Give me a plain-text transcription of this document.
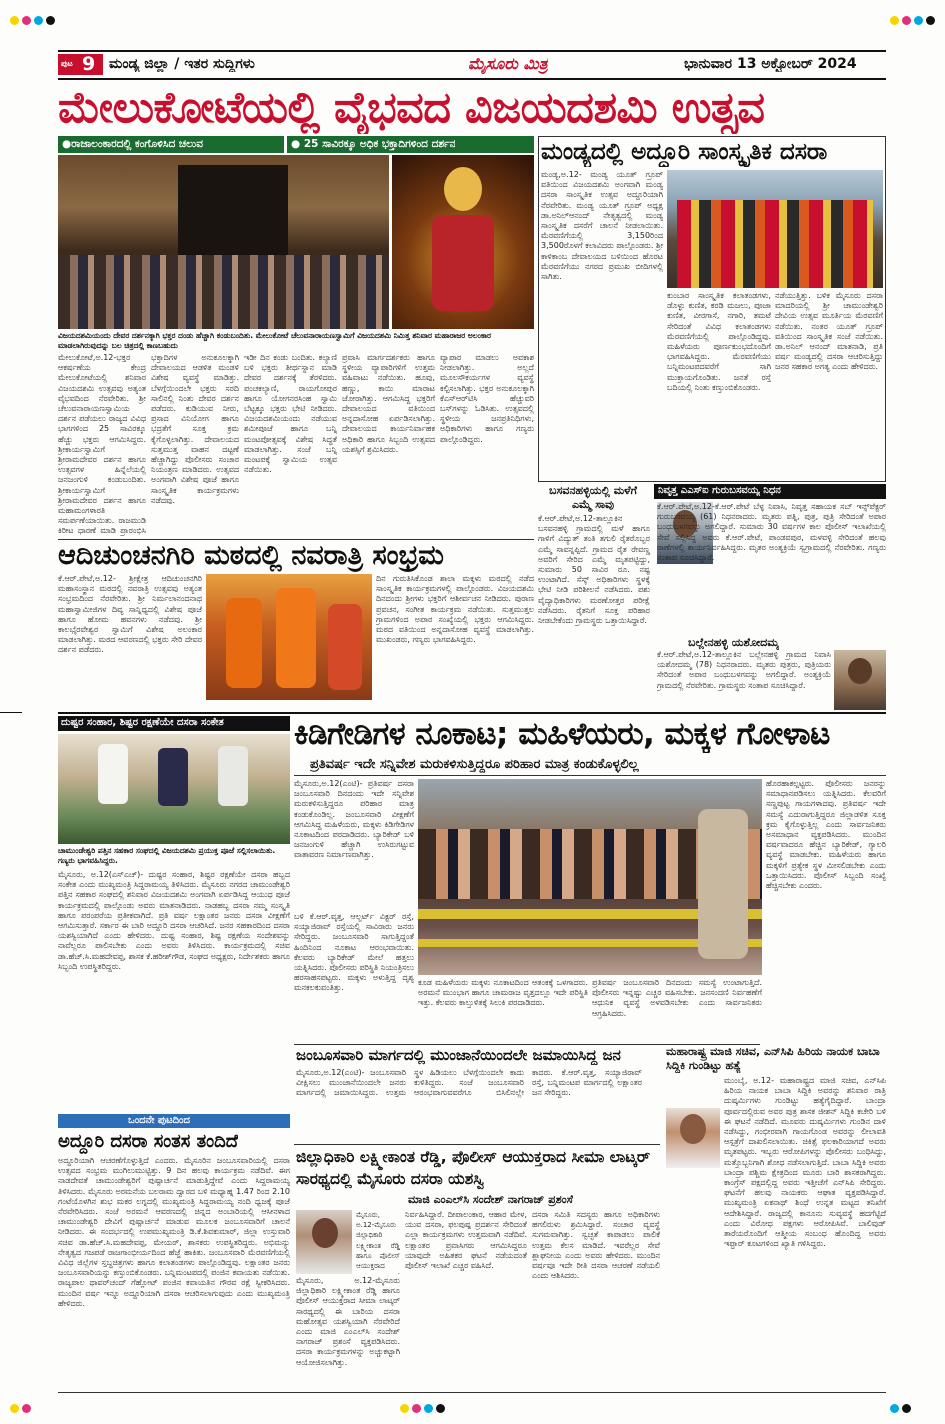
ಪುಟ 9 ಮಂಡ್ಯ ಜಿಲ್ಲಾ / ಇತರ ಸುದ್ದಿಗಳು	ಮೈಸೂರು ಮಿತ್ರ	ಭಾನುವಾರ 13 ಅಕ್ಟೋಬರ್ 2024
ಮೇಲುಕೋಟೆಯಲ್ಲಿ ವೈಭವದ ವಿಜಯದಶಮಿ ಉತ್ಸವ
●ರಾಜಾಲಂಕಾರದಲ್ಲಿ ಕಂಗೊಳಿಸಿದ ಚಲುವ	● 25 ಸಾವಿರಕ್ಕೂ ಅಧಿಕ ಭಕ್ತಾದಿಗಳಿಂದ ದರ್ಶನ
ವಿಜಯದಶಮಿಯಂದು ದೇವರ ದರ್ಶನಕ್ಕಾಗಿ ಭಕ್ತರ ದಂಡು ಹೆಚ್ಚಾಗಿ ಕಂಡುಬಂದಿತು. ಮೇಲುಕೋಟೆ ಚೆಲುವನಾರಾಯಣಸ್ವಾಮಿಗೆ ವಿಜಯದಶಮಿ ನಿಮಿತ್ತ ಶನಿವಾರ ಮಹಾರಾಜರ ಅಲಂಕಾರ ಮಾಡಲಾಗಿರುವುದನ್ನು ಬಲ ಚಿತ್ರದಲ್ಲಿ ಕಾಣಬಹುದು
ಮೇಲುಕೋಟೆ,ಅ.12-ಭಕ್ತರ ಆಕರ್ಷಣೆಯ ಕೇಂದ್ರ ಮೇಲುಕೋಟೆಯಲ್ಲಿ ಶನಿವಾರ ವಿಜಯದಶಮಿ ಉತ್ಸವವು ಅತ್ಯಂತ ವೈಭವದಿಂದ ನೆರವೇರಿತು. ಶ್ರೀ ಚೆಲುವನಾರಾಯಣಸ್ವಾಮಿಯ ದರ್ಶನ ಪಡೆಯಲು ರಾಜ್ಯದ ವಿವಿಧ ಭಾಗಗಳಿಂದ 25 ಸಾವಿರಕ್ಕೂ ಹೆಚ್ಚು ಭಕ್ತರು ಆಗಮಿಸಿದ್ದರು. ಶ್ರೀಕಾರ್ಯಸ್ವಾಮಿಗೆ ಶ್ರೀರಾಮದೇವರ ದರ್ಶನ ಹಾಗೂ ಉತ್ಸವಗಳ ಹಿನ್ನೆಲೆಯಲ್ಲಿ ಜನಜಂಗುಳಿ ಕಂಡುಬಂದಿತು. ಶ್ರೀಕಾರ್ಯಸ್ವಾಮಿಗೆ ಶ್ರೀರಾಮದೇವರ ದರ್ಶನ ಹಾಗೂ ಮಹಾಮಂಗಳಾರತಿ ಸಮರ್ಪಣೆಯಾಯಿತು. ರಾಜಮುಡಿ ಕಿರೀಟ ಧಾರಣೆ ಮಾಡಿ ಪ್ರಾರಂಭಿಸಿ
ಭಕ್ತಾದಿಗಳ ಅನುಕೂಲಕ್ಕಾಗಿ ದೇವಾಲಯದ ಆಡಳಿತ ಮಂಡಳಿ ವಿಶೇಷ ವ್ಯವಸ್ಥೆ ಮಾಡಿತ್ತು. ಬೆಳಗ್ಗೆಯಿಂದಲೇ ಭಕ್ತರು ಸರದಿ ಸಾಲಿನಲ್ಲಿ ನಿಂತು ದೇವರ ದರ್ಶನ ಪಡೆದರು. ಕುಡಿಯುವ ನೀರು, ಪ್ರಸಾದ ವಿನಿಯೋಗ ಹಾಗೂ ಭದ್ರತೆಗೆ ಸೂಕ್ತ ಕ್ರಮ ಕೈಗೊಳ್ಳಲಾಗಿತ್ತು. ದೇವಾಲಯದ ಸುತ್ತಮುತ್ತ ವಾಹನ ದಟ್ಟಣೆ ಹೆಚ್ಚಾಗಿದ್ದು ಪೊಲೀಸರು ಸಂಚಾರ ನಿಯಂತ್ರಣ ಮಾಡಿದರು. ಉತ್ಸವದ ಅಂಗವಾಗಿ ವಿಶೇಷ ಪೂಜೆ ಹಾಗೂ ಸಾಂಸ್ಕೃತಿಕ ಕಾರ್ಯಕ್ರಮಗಳು ನಡೆದವು.
ಇಡೀ ದಿನ ಕಂಡು ಬಂದಿತು. ಕಲ್ಯಾಣಿ ಬಳಿ ಭಕ್ತರು ತೀರ್ಥಸ್ನಾನ ಮಾಡಿ ದೇವರ ದರ್ಶನಕ್ಕೆ ತೆರಳಿದರು. ಪಂಚಕಲ್ಯಾಣಿ, ರಾಯಗೋಪುರ ಹಾಗೂ ಯೋಗನರಸಿಂಹ ಸ್ವಾಮಿ ಬೆಟ್ಟಕ್ಕೂ ಭಕ್ತರು ಭೇಟಿ ನೀಡಿದರು. ವಿಜಯದಶಮಿಯಂದು ನಡೆಯುವ ಶಮೀಪೂಜೆ ಹಾಗೂ ಬನ್ನಿ ಮಂಟಪೋತ್ಸವಕ್ಕೆ ವಿಶೇಷ ಸಿದ್ಧತೆ ಮಾಡಲಾಗಿತ್ತು. ಸಂಜೆ ಬನ್ನಿ ಮಂಟಪಕ್ಕೆ ಸ್ವಾಮಿಯ ಉತ್ಸವ ನಡೆಯಿತು.
ಪ್ರವಾಸಿ ಮಾರ್ಗದರ್ಶಕರು ಹಾಗೂ ಸ್ಥಳೀಯ ವ್ಯಾಪಾರಿಗಳಿಗೆ ಉತ್ತಮ ವಹಿವಾಟು ನಡೆಯಿತು. ಹೂವು, ಹಣ್ಣು, ಕಾಯಿ ಮಾರಾಟ ಜೋರಾಗಿತ್ತು. ಆಗಮಿಸಿದ್ದ ಭಕ್ತರಿಗೆ ದೇವಾಲಯದ ವತಿಯಿಂದ ಅನ್ನದಾಸೋಹ ಏರ್ಪಡಿಸಲಾಗಿತ್ತು. ದೇವಾಲಯದ ಕಾರ್ಯನಿರ್ವಾಹಕ ಅಧಿಕಾರಿ ಹಾಗೂ ಸಿಬ್ಬಂದಿ ಉತ್ಸವದ ಯಶಸ್ಸಿಗೆ ಶ್ರಮಿಸಿದರು.
ವ್ಯಾಪಾರ ಮಾಡಲು ಅವಕಾಶ ನೀಡಲಾಗಿತ್ತು. ಅಲ್ಲದೆ ಮೂಲಸೌಕರ್ಯಗಳ ವ್ಯವಸ್ಥೆ ಕಲ್ಪಿಸಲಾಗಿತ್ತು. ಭಕ್ತರ ಅನುಕೂಲಕ್ಕಾಗಿ ಕೆಎಸ್‌ಆರ್‌ಟಿಸಿ ಹೆಚ್ಚುವರಿ ಬಸ್‌ಗಳನ್ನು ಓಡಿಸಿತು. ಉತ್ಸವದಲ್ಲಿ ಸ್ಥಳೀಯ ಜನಪ್ರತಿನಿಧಿಗಳು, ಅಧಿಕಾರಿಗಳು ಹಾಗೂ ಗಣ್ಯರು ಪಾಲ್ಗೊಂಡಿದ್ದರು.
ಮಂಡ್ಯದಲ್ಲಿ ಅದ್ದೂರಿ ಸಾಂಸ್ಕೃತಿಕ ದಸರಾ
ಮಂಡ್ಯ,ಅ.12- ಮಂಡ್ಯ ಯೂತ್ ಗ್ರೂಪ್ ವತಿಯಿಂದ ವಿಜಯದಶಮಿ ಅಂಗವಾಗಿ ಮಂಡ್ಯ ದಸರಾ ಸಾಂಸ್ಕೃತಿಕ ಉತ್ಸವ ಅದ್ದೂರಿಯಾಗಿ ನೆರವೇರಿತು. ಮಂಡ್ಯ ಯೂತ್ ಗ್ರೂಪ್ ಅಧ್ಯಕ್ಷ ಡಾ.ಅನಿಲ್‌ಆನಂದ್ ನೇತೃತ್ವದಲ್ಲಿ ಮಂಡ್ಯ ಸಾಂಸ್ಕೃತಿಕ ದಸರೆಗೆ ಚಾಲನೆ ನೀಡಲಾಯಿತು. ಮೆರವಣಿಗೆಯಲ್ಲಿ 3,150ರಿಂದ 3,500ರೊಳಗೆ ಕಲಾವಿದರು ಪಾಲ್ಗೊಂಡರು. ಶ್ರೀ ಕಾಳಿಕಾಂಬ ದೇವಾಲಯದ ಬಳಿಯಿಂದ ಹೊರಟ ಮೆರವಣಿಗೆಯು ನಗರದ ಪ್ರಮುಖ ಬೀದಿಗಳಲ್ಲಿ ಸಾಗಿತು.
ಕುಂಬಾರ ಸಾಂಸ್ಕೃತಿಕ ಕಲಾತಂಡಗಳು, ಡೊಳ್ಳು ಕುಣಿತ, ಕರಡಿ ಮಜಲು, ಪೂಜಾ ಕುಣಿತ, ವೀರಗಾಸೆ, ನಗಾರಿ, ತಮಟೆ ಸೇರಿದಂತೆ ವಿವಿಧ ಕಲಾತಂಡಗಳು ಮೆರವಣಿಗೆಯಲ್ಲಿ ಪಾಲ್ಗೊಂಡಿದ್ದವು. ಮಹಿಳೆಯರು ಪೂರ್ಣಕುಂಭದೊಂದಿಗೆ ಭಾಗವಹಿಸಿದ್ದರು. ಮೆರವಣಿಗೆಯು ಬನ್ನಿಮಂಟಪದವರೆಗೆ ಸಾಗಿ ಮುಕ್ತಾಯಗೊಂಡಿತು. ಜನತೆ ರಸ್ತೆ ಬದಿಯಲ್ಲಿ ನಿಂತು ಕಣ್ತುಂಬಿಕೊಂಡರು.
ನಡೆಯುತ್ತಿತ್ತು. ಬಳಿಕ ಮೈಸೂರು ದಸರಾ ಮಾದರಿಯಲ್ಲಿ ಶ್ರೀ ಚಾಮುಂಡೇಶ್ವರಿ ದೇವಿಯ ಉತ್ಸವ ಮೂರ್ತಿಯ ಮೆರವಣಿಗೆ ನಡೆಯಿತು. ನಂತರ ಯೂತ್ ಗ್ರೂಪ್ ವತಿಯಿಂದ ಸಾಂಸ್ಕೃತಿಕ ಸಂಜೆ ನಡೆಯಿತು. ಡಾ.ಅನಿಲ್ ಆನಂದ್ ಮಾತನಾಡಿ, ಪ್ರತಿ ವರ್ಷ ಮಂಡ್ಯದಲ್ಲಿ ದಸರಾ ಆಚರಿಸುತ್ತಿದ್ದು ಜನರ ಸಹಕಾರ ಅಗತ್ಯ ಎಂದು ಹೇಳಿದರು.
ಬಸವನಹಳ್ಳಿಯಲ್ಲಿ ಮಳೆಗೆ ಎಮ್ಮೆ ಸಾವು
ಕೆ.ಆರ್.ಪೇಟೆ,ಅ.12-ತಾಲ್ಲೂಕಿನ ಬಸವನಹಳ್ಳಿ ಗ್ರಾಮದಲ್ಲಿ ಮಳೆ ಹಾಗೂ ಗಾಳಿಗೆ ವಿದ್ಯುತ್ ತಂತಿ ತಗುಲಿ ರೈತರೊಬ್ಬರ ಎಮ್ಮೆ ಸಾವನ್ನಪ್ಪಿದೆ. ಗ್ರಾಮದ ರೈತ ರೇವಣ್ಣ ಅವರಿಗೆ ಸೇರಿದ ಎಮ್ಮೆ ಮೃತಪಟ್ಟಿದ್ದು, ಸುಮಾರು 50 ಸಾವಿರ ರೂ. ನಷ್ಟ ಉಂಟಾಗಿದೆ. ಸೆಸ್ಕ್ ಅಧಿಕಾರಿಗಳು ಸ್ಥಳಕ್ಕೆ ಭೇಟಿ ನೀಡಿ ಪರಿಶೀಲನೆ ನಡೆಸಿದರು. ಪಶು ವೈದ್ಯಾಧಿಕಾರಿಗಳು ಮರಣೋತ್ತರ ಪರೀಕ್ಷೆ ನಡೆಸಿದರು. ರೈತನಿಗೆ ಸೂಕ್ತ ಪರಿಹಾರ ನೀಡಬೇಕೆಂದು ಗ್ರಾಮಸ್ಥರು ಒತ್ತಾಯಿಸಿದ್ದಾರೆ.
ನಿವೃತ್ತ ಎಎಸ್‌ಐ ಗುರುಬಸವಯ್ಯ ನಿಧನ
ಕೆ.ಆರ್.ಪೇಟೆ,ಅ.12-ಕೆ.ಆರ್.ಪೇಟೆ ಬೆಳ್ಳ ನಿವಾಸಿ, ನಿವೃತ್ತ ಸಹಾಯಕ ಸಬ್ ಇನ್ಸ್‌ಪೆಕ್ಟರ್ ಗುರುಬಸವಯ್ಯ (61) ನಿಧನರಾದರು. ಮೃತರು ಪತ್ನಿ, ಪುತ್ರ, ಪುತ್ರಿ ಸೇರಿದಂತೆ ಅಪಾರ ಬಂಧುಬಳಗವನ್ನು ಅಗಲಿದ್ದಾರೆ. ಸುಮಾರು 30 ವರ್ಷಗಳ ಕಾಲ ಪೊಲೀಸ್ ಇಲಾಖೆಯಲ್ಲಿ ಸೇವೆ ಸಲ್ಲಿಸಿದ್ದ ಅವರು ಕೆ.ಆರ್.ಪೇಟೆ, ಪಾಂಡವಪುರ, ಮಳವಳ್ಳಿ ಸೇರಿದಂತೆ ಹಲವು ಠಾಣೆಗಳಲ್ಲಿ ಕಾರ್ಯನಿರ್ವಹಿಸಿದ್ದರು. ಮೃತರ ಅಂತ್ಯಕ್ರಿಯೆ ಸ್ವಗ್ರಾಮದಲ್ಲಿ ನೆರವೇರಿತು. ಗಣ್ಯರು ಸಂತಾಪ ಸೂಚಿಸಿದ್ದಾರೆ.
ಬಲ್ಲೇನಹಳ್ಳಿ ಯಶೋದಮ್ಮ
ಕೆ.ಆರ್.ಪೇಟೆ,ಅ.12-ತಾಲ್ಲೂಕಿನ ಬಲ್ಲೇನಹಳ್ಳಿ ಗ್ರಾಮದ ನಿವಾಸಿ ಯಶೋದಮ್ಮ (78) ನಿಧನರಾದರು. ಮೃತರು ಪುತ್ರರು, ಪುತ್ರಿಯರು ಸೇರಿದಂತೆ ಅಪಾರ ಬಂಧುಬಳಗವನ್ನು ಅಗಲಿದ್ದಾರೆ. ಅಂತ್ಯಕ್ರಿಯೆ ಗ್ರಾಮದಲ್ಲಿ ನೆರವೇರಿತು. ಗ್ರಾಮಸ್ಥರು ಸಂತಾಪ ಸೂಚಿಸಿದ್ದಾರೆ.
ಆದಿಚುಂಚನಗಿರಿ ಮಠದಲ್ಲಿ ನವರಾತ್ರಿ ಸಂಭ್ರಮ
ಕೆ.ಆರ್.ಪೇಟೆ,ಅ.12- ಶ್ರೀಕ್ಷೇತ್ರ ಆದಿಚುಂಚನಗಿರಿ ಮಹಾಸಂಸ್ಥಾನ ಮಠದಲ್ಲಿ ನವರಾತ್ರಿ ಉತ್ಸವವು ಅತ್ಯಂತ ಸಂಭ್ರಮದಿಂದ ನೆರವೇರಿತು. ಶ್ರೀ ನಿರ್ಮಲಾನಂದನಾಥ ಮಹಾಸ್ವಾಮೀಜಿಗಳ ದಿವ್ಯ ಸಾನ್ನಿಧ್ಯದಲ್ಲಿ ವಿಶೇಷ ಪೂಜೆ ಹಾಗೂ ಹೋಮ ಹವನಗಳು ನಡೆದವು. ಶ್ರೀ ಕಾಲಭೈರವೇಶ್ವರ ಸ್ವಾಮಿಗೆ ವಿಶೇಷ ಅಲಂಕಾರ ಮಾಡಲಾಗಿತ್ತು. ಮಠದ ಆವರಣದಲ್ಲಿ ಭಕ್ತರು ಸೇರಿ ದೇವರ ದರ್ಶನ ಪಡೆದರು.
ದಿನ ಗುರುತಿಸಿಕೊಂಡ ಶಾಲಾ ಮಕ್ಕಳು ಮಠದಲ್ಲಿ ನಡೆದ ಸಾಂಸ್ಕೃತಿಕ ಕಾರ್ಯಕ್ರಮಗಳಲ್ಲಿ ಪಾಲ್ಗೊಂಡರು. ವಿಜಯದಶಮಿ ದಿನದಂದು ಶ್ರೀಗಳು ಭಕ್ತರಿಗೆ ಆಶೀರ್ವಚನ ನೀಡಿದರು. ಪುರಾಣ ಪ್ರವಚನ, ಸಂಗೀತ ಕಾರ್ಯಕ್ರಮ ನಡೆಯಿತು. ಸುತ್ತಮುತ್ತಲ ಗ್ರಾಮಗಳಿಂದ ಅಪಾರ ಸಂಖ್ಯೆಯಲ್ಲಿ ಭಕ್ತರು ಆಗಮಿಸಿದ್ದರು. ಮಠದ ವತಿಯಿಂದ ಅನ್ನದಾಸೋಹ ವ್ಯವಸ್ಥೆ ಮಾಡಲಾಗಿತ್ತು. ಮುಖಂಡರು, ಗಣ್ಯರು ಭಾಗವಹಿಸಿದ್ದರು.
ದುಷ್ಟರ ಸಂಹಾರ, ಶಿಷ್ಟರ ರಕ್ಷಣೆಯೇ ದಸರಾ ಸಂಕೇತ
ಚಾಮುಂಡೇಶ್ವರಿ ಪತ್ತಿನ ಸಹಕಾರ ಸಂಘದಲ್ಲಿ ವಿಜಯದಶಮಿ ಪ್ರಯುಕ್ತ ಪೂಜೆ ಸಲ್ಲಿಸಲಾಯಿತು. ಗಣ್ಯರು ಭಾಗವಹಿಸಿದ್ದರು.
ಮೈಸೂರು, ಅ.12(ಎಸ್‌ಎಚ್‌)- ದುಷ್ಟರ ಸಂಹಾರ, ಶಿಷ್ಟರ ರಕ್ಷಣೆಯೇ ದಸರಾ ಹಬ್ಬದ ಸಂಕೇತ ಎಂದು ಮುಖ್ಯಮಂತ್ರಿ ಸಿದ್ದರಾಮಯ್ಯ ತಿಳಿಸಿದರು. ಮೈಸೂರು ನಗರದ ಚಾಮುಂಡೇಶ್ವರಿ ಪತ್ತಿನ ಸಹಕಾರ ಸಂಘದಲ್ಲಿ ಶನಿವಾರ ವಿಜಯದಶಮಿ ಅಂಗವಾಗಿ ಏರ್ಪಡಿಸಿದ್ದ ಆಯುಧ ಪೂಜೆ ಕಾರ್ಯಕ್ರಮದಲ್ಲಿ ಪಾಲ್ಗೊಂಡು ಅವರು ಮಾತನಾಡಿದರು. ನಾಡಹಬ್ಬ ದಸರಾ ನಮ್ಮ ಸಂಸ್ಕೃತಿ ಹಾಗೂ ಪರಂಪರೆಯ ಪ್ರತೀಕವಾಗಿದೆ. ಪ್ರತಿ ವರ್ಷ ಲಕ್ಷಾಂತರ ಜನರು ದಸರಾ ವೀಕ್ಷಣೆಗೆ ಆಗಮಿಸುತ್ತಾರೆ. ಸರ್ಕಾರ ಈ ಬಾರಿ ಅದ್ದೂರಿ ದಸರಾ ಆಚರಿಸಿದೆ. ಜನರ ಸಹಕಾರದಿಂದ ದಸರಾ ಯಶಸ್ವಿಯಾಗಿದೆ ಎಂದು ಹೇಳಿದರು. ದುಷ್ಟ ಸಂಹಾರ, ಶಿಷ್ಟ ರಕ್ಷಣೆಯ ಸಂದೇಶವನ್ನು ನಾವೆಲ್ಲರೂ ಪಾಲಿಸಬೇಕು ಎಂದು ಅವರು ತಿಳಿಸಿದರು. ಕಾರ್ಯಕ್ರಮದಲ್ಲಿ ಸಚಿವ ಡಾ.ಹೆಚ್.ಸಿ.ಮಹದೇವಪ್ಪ, ಶಾಸಕ ಕೆ.ಹರೀಶ್‌ಗೌಡ, ಸಂಘದ ಅಧ್ಯಕ್ಷರು, ನಿರ್ದೇಶಕರು ಹಾಗೂ ಸಿಬ್ಬಂದಿ ಉಪಸ್ಥಿತರಿದ್ದರು.
ಕಿಡಿಗೇಡಿಗಳ ನೂಕಾಟ; ಮಹಿಳೆಯರು, ಮಕ್ಕಳ ಗೋಳಾಟ
ಪ್ರತಿವರ್ಷ ಇದೇ ಸನ್ನಿವೇಶ ಮರುಕಳಿಸುತ್ತಿದ್ದರೂ ಪರಿಹಾರ ಮಾತ್ರ ಕಂಡುಕೊಳ್ಳಲಿಲ್ಲ
ಮೈಸೂರು,ಅ.12(ಎಂಟಿ)- ಪ್ರತಿವರ್ಷ ದಸರಾ ಜಂಬೂಸವಾರಿ ದಿನದಂದು ಇದೇ ಸನ್ನಿವೇಶ ಮರುಕಳಿಸುತ್ತಿದ್ದರೂ ಪರಿಹಾರ ಮಾತ್ರ ಕಂಡುಕೊಂಡಿಲ್ಲ. ಜಂಬೂಸವಾರಿ ವೀಕ್ಷಣೆಗೆ ಆಗಮಿಸಿದ್ದ ಮಹಿಳೆಯರು, ಮಕ್ಕಳು ಕಿಡಿಗೇಡಿಗಳ ನೂಕಾಟದಿಂದ ಪರದಾಡಿದರು. ಬ್ಯಾರಿಕೇಡ್ ಬಳಿ ಜನಜಂಗುಳಿ ಹೆಚ್ಚಾಗಿ ಉಸಿರುಗಟ್ಟುವ ವಾತಾವರಣ ನಿರ್ಮಾಣವಾಗಿತ್ತು.
ಬಳಿ ಕೆ.ಆರ್.ವೃತ್ತ, ಆಲ್ಬರ್ಟ್ ವಿಕ್ಟರ್ ರಸ್ತೆ, ಸಯ್ಯಾಜಿರಾವ್ ರಸ್ತೆಯಲ್ಲಿ ಸಾವಿರಾರು ಜನರು ಸೇರಿದ್ದರು. ಜಂಬೂಸವಾರಿ ಸಾಗುತ್ತಿದ್ದಂತೆ ಹಿಂದಿನಿಂದ ನೂಕಾಟ ಆರಂಭವಾಯಿತು. ಕೆಲವರು ಬ್ಯಾರಿಕೇಡ್ ಮೇಲೆ ಹತ್ತಲು ಯತ್ನಿಸಿದರು. ಪೊಲೀಸರು ಪರಿಸ್ಥಿತಿ ನಿಯಂತ್ರಿಸಲು ಹರಸಾಹಸಪಟ್ಟರು. ಮಕ್ಕಳು ಅಳುತ್ತಿದ್ದ ದೃಶ್ಯ ಮನಕಲಕುವಂತಿತ್ತು.
ಕೂಡ ಮಹಿಳೆಯರು ಮಕ್ಕಳು ನೂಕಾಟದಿಂದ ಆತಂಕಕ್ಕೆ ಒಳಗಾದರು. ಅರಮನೆ ಮುಂಭಾಗ ಹಾಗೂ ಚಾಮರಾಜ ವೃತ್ತದಲ್ಲೂ ಇದೇ ಪರಿಸ್ಥಿತಿ ಇತ್ತು. ಕೆಲವರು ಕಾಲ್ತುಳಿತಕ್ಕೆ ಸಿಲುಕಿ ಪರದಾಡಿದರು.
ಪ್ರತಿವರ್ಷ ಜಂಬೂಸವಾರಿ ದಿನದಂದು ಸಮಸ್ಯೆ ಉಂಟಾಗುತ್ತಿದೆ. ಪೊಲೀಸರು ಇನ್ನಷ್ಟು ಎಚ್ಚರ ವಹಿಸಬೇಕು. ಜನಸಂದಣಿ ನಿರ್ವಹಣೆಗೆ ಆಧುನಿಕ ವ್ಯವಸ್ಥೆ ಅಳವಡಿಸಬೇಕು ಎಂದು ಸಾರ್ವಜನಿಕರು ಆಗ್ರಹಿಸಿದರು.
ಹೊರಹಾಕಲ್ಪಟ್ಟರು. ಪೊಲೀಸರು ಜನರನ್ನು ಸಮಾಧಾನಪಡಿಸಲು ಯತ್ನಿಸಿದರು. ಕೆಲವರಿಗೆ ಸಣ್ಣಪುಟ್ಟ ಗಾಯಗಳಾದವು. ಪ್ರತಿವರ್ಷ ಇದೇ ಸಮಸ್ಯೆ ಎದುರಾಗುತ್ತಿದ್ದರೂ ಜಿಲ್ಲಾಡಳಿತ ಸೂಕ್ತ ಕ್ರಮ ಕೈಗೊಳ್ಳುತ್ತಿಲ್ಲ ಎಂದು ಸಾರ್ವಜನಿಕರು ಅಸಮಾಧಾನ ವ್ಯಕ್ತಪಡಿಸಿದರು. ಮುಂದಿನ ವರ್ಷವಾದರೂ ಹೆಚ್ಚಿನ ಬ್ಯಾರಿಕೇಡ್, ಗ್ಯಾಲರಿ ವ್ಯವಸ್ಥೆ ಮಾಡಬೇಕು. ಮಹಿಳೆಯರು ಹಾಗೂ ಮಕ್ಕಳಿಗೆ ಪ್ರತ್ಯೇಕ ಸ್ಥಳ ಮೀಸಲಿಡಬೇಕು ಎಂದು ಒತ್ತಾಯಿಸಿದರು. ಪೊಲೀಸ್ ಸಿಬ್ಬಂದಿ ಸಂಖ್ಯೆ ಹೆಚ್ಚಿಸಬೇಕು ಎಂದರು.
ಜಂಬೂಸವಾರಿ ಮಾರ್ಗದಲ್ಲಿ ಮುಂಜಾನೆಯಿಂದಲೇ ಜಮಾಯಿಸಿದ್ದ ಜನ
ಮೈಸೂರು,ಅ.12(ಎಂಟಿ)- ಜಂಬೂಸವಾರಿ ವೀಕ್ಷಿಸಲು ಮುಂಜಾನೆಯಿಂದಲೇ ಜನರು ಮಾರ್ಗದಲ್ಲಿ ಜಮಾಯಿಸಿದ್ದರು. ಉತ್ತಮ ಸ್ಥಳ ಹಿಡಿಯಲು ಬೆಳಗ್ಗೆಯಿಂದಲೇ ಕಾದು ಕುಳಿತಿದ್ದರು. ಸಂಜೆ ಜಂಬೂಸವಾರಿ ಆರಂಭವಾಗುವವರೆಗೂ ಬಿಸಿಲಿನಲ್ಲೇ ಕಾದರು. ಕೆ.ಆರ್.ವೃತ್ತ, ಸಯ್ಯಾಜಿರಾವ್ ರಸ್ತೆ, ಬನ್ನಿಮಂಟಪ ಮಾರ್ಗದಲ್ಲಿ ಲಕ್ಷಾಂತರ ಜನ ಸೇರಿದ್ದರು.
ಮಹಾರಾಷ್ಟ್ರ ಮಾಜಿ ಸಚಿವ, ಎನ್‌ಸಿಪಿ ಹಿರಿಯ ನಾಯಕ ಬಾಬಾ ಸಿದ್ದಿಕಿ ಗುಂಡಿಟ್ಟು ಹತ್ಯೆ
ಮುಂಬೈ, ಅ.12- ಮಹಾರಾಷ್ಟ್ರದ ಮಾಜಿ ಸಚಿವ, ಎನ್‌ಸಿಪಿ ಹಿರಿಯ ನಾಯಕ ಬಾಬಾ ಸಿದ್ದಿಕಿ ಅವರನ್ನು ಶನಿವಾರ ರಾತ್ರಿ ದುಷ್ಕರ್ಮಿಗಳು ಗುಂಡಿಟ್ಟು ಹತ್ಯೆಗೈದಿದ್ದಾರೆ. ಬಾಂದ್ರಾ ಪೂರ್ವದಲ್ಲಿರುವ ಅವರ ಪುತ್ರ ಶಾಸಕ ಜೀಶನ್ ಸಿದ್ದಿಕಿ ಕಚೇರಿ ಬಳಿ ಈ ಘಟನೆ ನಡೆದಿದೆ. ಮೂವರು ದುಷ್ಕರ್ಮಿಗಳು ಗುಂಡಿನ ದಾಳಿ ನಡೆಸಿದ್ದು, ಗಂಭೀರವಾಗಿ ಗಾಯಗೊಂಡ ಅವರನ್ನು ಲೀಲಾವತಿ ಆಸ್ಪತ್ರೆಗೆ ದಾಖಲಿಸಲಾಯಿತು. ಚಿಕಿತ್ಸೆ ಫಲಕಾರಿಯಾಗದೆ ಅವರು ಮೃತಪಟ್ಟರು. ಇಬ್ಬರು ಆರೋಪಿಗಳನ್ನು ಪೊಲೀಸರು ಬಂಧಿಸಿದ್ದು, ಮತ್ತೊಬ್ಬನಿಗಾಗಿ ಶೋಧ ನಡೆಸಲಾಗುತ್ತಿದೆ. ಬಾಬಾ ಸಿದ್ದಿಕಿ ಅವರು ಬಾಂದ್ರಾ ಪಶ್ಚಿಮ ಕ್ಷೇತ್ರದಿಂದ ಮೂರು ಬಾರಿ ಶಾಸಕರಾಗಿದ್ದರು. ಕಾಂಗ್ರೆಸ್ ಪಕ್ಷದಲ್ಲಿದ್ದ ಅವರು ಇತ್ತೀಚೆಗೆ ಎನ್‌ಸಿಪಿ ಸೇರಿದ್ದರು. ಘಟನೆಗೆ ಹಲವು ನಾಯಕರು ಆಘಾತ ವ್ಯಕ್ತಪಡಿಸಿದ್ದಾರೆ. ಮುಖ್ಯಮಂತ್ರಿ ಏಕನಾಥ್ ಶಿಂಧೆ ಉನ್ನತ ಮಟ್ಟದ ತನಿಖೆಗೆ ಆದೇಶಿಸಿದ್ದಾರೆ. ರಾಜ್ಯದಲ್ಲಿ ಕಾನೂನು ಸುವ್ಯವಸ್ಥೆ ಹದಗೆಟ್ಟಿದೆ ಎಂದು ವಿರೋಧ ಪಕ್ಷಗಳು ಆರೋಪಿಸಿವೆ. ಬಾಲಿವುಡ್ ತಾರೆಯರೊಂದಿಗೆ ಆತ್ಮೀಯ ಸಂಬಂಧ ಹೊಂದಿದ್ದ ಅವರು ಇಫ್ತಾರ್ ಕೂಟಗಳಿಂದ ಖ್ಯಾತಿ ಗಳಿಸಿದ್ದರು.
ಜಿಲ್ಲಾಧಿಕಾರಿ ಲಕ್ಷ್ಮೀಕಾಂತ ರೆಡ್ಡಿ, ಪೊಲೀಸ್ ಆಯುಕ್ತರಾದ ಸೀಮಾ ಲಾಟ್ಕರ್ ಸಾರಥ್ಯದಲ್ಲಿ ಮೈಸೂರು ದಸರಾ ಯಶಸ್ವಿ
ಮಾಜಿ ಎಂಎಲ್‌ಸಿ ಸಂದೇಶ್ ನಾಗರಾಜ್ ಪ್ರಶಂಸೆ
ಮೈಸೂರು, ಅ.12-ಮೈಸೂರು ಜಿಲ್ಲಾಧಿಕಾರಿ ಲಕ್ಷ್ಮೀಕಾಂತ ರೆಡ್ಡಿ ಹಾಗೂ ಪೊಲೀಸ್ ಆಯುಕ್ತರಾದ ಸೀಮಾ ಲಾಟ್ಕರ್ ಸಾರಥ್ಯದಲ್ಲಿ ಈ ಬಾರಿಯ ದಸರಾ ಮಹೋತ್ಸವ ಯಶಸ್ವಿಯಾಗಿ ನೆರವೇರಿದೆ ಎಂದು ಮಾಜಿ ಎಂಎಲ್‌ಸಿ ಸಂದೇಶ್ ನಾಗರಾಜ್ ಪ್ರಶಂಸೆ ವ್ಯಕ್ತಪಡಿಸಿದರು. ದಸರಾ ಕಾರ್ಯಕ್ರಮಗಳನ್ನು ಅಚ್ಚುಕಟ್ಟಾಗಿ ಆಯೋಜಿಸಲಾಗಿತ್ತು.
ಮೈಸೂರು, ಅ.12-ಮೈಸೂರು ಜಿಲ್ಲಾಧಿಕಾರಿ ಲಕ್ಷ್ಮೀಕಾಂತ ರೆಡ್ಡಿ ಹಾಗೂ ಪೊಲೀಸ್ ಆಯುಕ್ತರಾದ
ನಿರ್ವಹಿಸಿದ್ದಾರೆ. ದೀಪಾಲಂಕಾರ, ಆಹಾರ ಮೇಳ, ಯುವ ದಸರಾ, ಫಲಪುಷ್ಪ ಪ್ರದರ್ಶನ ಸೇರಿದಂತೆ ಎಲ್ಲಾ ಕಾರ್ಯಕ್ರಮಗಳು ಉತ್ತಮವಾಗಿ ನಡೆದಿವೆ. ಲಕ್ಷಾಂತರ ಪ್ರವಾಸಿಗರು ಆಗಮಿಸಿದ್ದರೂ ಯಾವುದೇ ಅಹಿತಕರ ಘಟನೆ ನಡೆಯದಂತೆ ಪೊಲೀಸ್ ಇಲಾಖೆ ಎಚ್ಚರ ವಹಿಸಿದೆ.
ದಸರಾ ಸಮಿತಿ ಸದಸ್ಯರು ಹಾಗೂ ಅಧಿಕಾರಿಗಳು ಹಗಲಿರುಳು ಶ್ರಮಿಸಿದ್ದಾರೆ. ಸಂಚಾರ ವ್ಯವಸ್ಥೆ ಸುಗಮವಾಗಿತ್ತು. ಸ್ವಚ್ಛತೆ ಕಾಪಾಡಲು ಪಾಲಿಕೆ ಉತ್ತಮ ಕೆಲಸ ಮಾಡಿದೆ. ಇವರೆಲ್ಲರ ಸೇವೆ ಶ್ಲಾಘನೀಯ ಎಂದು ಅವರು ಹೇಳಿದರು. ಮುಂದಿನ ವರ್ಷವೂ ಇದೇ ರೀತಿ ದಸರಾ ಆಚರಣೆ ನಡೆಯಲಿ ಎಂದು ಆಶಿಸಿದರು.
ಒಂದನೇ ಪುಟದಿಂದ
ಅದ್ದೂರಿ ದಸರಾ ಸಂತಸ ತಂದಿದೆ
ಅದ್ದೂರಿಯಾಗಿ ಆಚರಣೆಗೊಳ್ಳುತ್ತಿದೆ ಎಂದರು. ಮೈಸೂರಿನ ಜಂಬೂಸವಾರಿಯಲ್ಲಿ ದಸರಾ ಉತ್ಸವದ ಸಂಭ್ರಮ ಮುಗಿಲುಮುಟ್ಟಿತ್ತು. 9 ದಿನ ಹಲವು ಕಾರ್ಯಕ್ರಮ ನಡೆದಿವೆ. ಈಗ ನಾಡದೇವತೆ ಚಾಮುಂಡೇಶ್ವರಿಗೆ ಪುಷ್ಪಾರ್ಚನೆ ಮಾಡುತ್ತಿದ್ದೇವೆ ಎಂದು ಸಿದ್ದರಾಮಯ್ಯ ತಿಳಿಸಿದರು. ಮೈಸೂರು ಅರಮನೆಯ ಬಲರಾಮ ದ್ವಾರದ ಬಳಿ ಮಧ್ಯಾಹ್ನ 1.47 ರಿಂದ 2.10 ಗಂಟೆಯೊಳಗಿನ ಶುಭ ಮಕರ ಲಗ್ನದಲ್ಲಿ ಮುಖ್ಯಮಂತ್ರಿ ಸಿದ್ದರಾಮಯ್ಯ ನಂದಿ ಧ್ವಜಕ್ಕೆ ಪೂಜೆ ನೆರವೇರಿಸಿದರು. ಸಂಜೆ ಅರಮನೆ ಆವರಣದಲ್ಲಿ ಚಿನ್ನದ ಅಂಬಾರಿಯಲ್ಲಿ ಆಸೀನಳಾದ ಚಾಮುಂಡೇಶ್ವರಿ ದೇವಿಗೆ ಪುಷ್ಪಾರ್ಚನೆ ಮಾಡುವ ಮೂಲಕ ಜಂಬೂಸವಾರಿಗೆ ಚಾಲನೆ ನೀಡಿದರು. ಈ ಸಂದರ್ಭದಲ್ಲಿ ಉಪಮುಖ್ಯಮಂತ್ರಿ ಡಿ.ಕೆ.ಶಿವಕುಮಾರ್, ಜಿಲ್ಲಾ ಉಸ್ತುವಾರಿ ಸಚಿವ ಡಾ.ಹೆಚ್.ಸಿ.ಮಹದೇವಪ್ಪ, ಮೇಯರ್, ಶಾಸಕರು ಉಪಸ್ಥಿತರಿದ್ದರು. ಅಭಿಮನ್ಯು ನೇತೃತ್ವದ ಗಜಪಡೆ ರಾಜಗಾಂಭೀರ್ಯದಿಂದ ಹೆಜ್ಜೆ ಹಾಕಿತು. ಜಂಬೂಸವಾರಿ ಮೆರವಣಿಗೆಯಲ್ಲಿ ವಿವಿಧ ಜಿಲ್ಲೆಗಳ ಸ್ತಬ್ಧಚಿತ್ರಗಳು ಹಾಗೂ ಕಲಾತಂಡಗಳು ಪಾಲ್ಗೊಂಡಿದ್ದವು. ಲಕ್ಷಾಂತರ ಜನರು ಜಂಬೂಸವಾರಿಯನ್ನು ಕಣ್ತುಂಬಿಕೊಂಡರು. ಬನ್ನಿಮಂಟಪದಲ್ಲಿ ಪಂಜಿನ ಕವಾಯತು ನಡೆಯಿತು. ರಾಜ್ಯಪಾಲ ಥಾವರ್‌ಚಂದ್ ಗೆಹ್ಲೋಟ್ ಪಂಜಿನ ಕವಾಯತಿನ ಗೌರವ ರಕ್ಷೆ ಸ್ವೀಕರಿಸಿದರು. ಮುಂದಿನ ವರ್ಷ ಇನ್ನೂ ಅದ್ದೂರಿಯಾಗಿ ದಸರಾ ಆಚರಿಸಲಾಗುವುದು ಎಂದು ಮುಖ್ಯಮಂತ್ರಿ ಹೇಳಿದರು.
